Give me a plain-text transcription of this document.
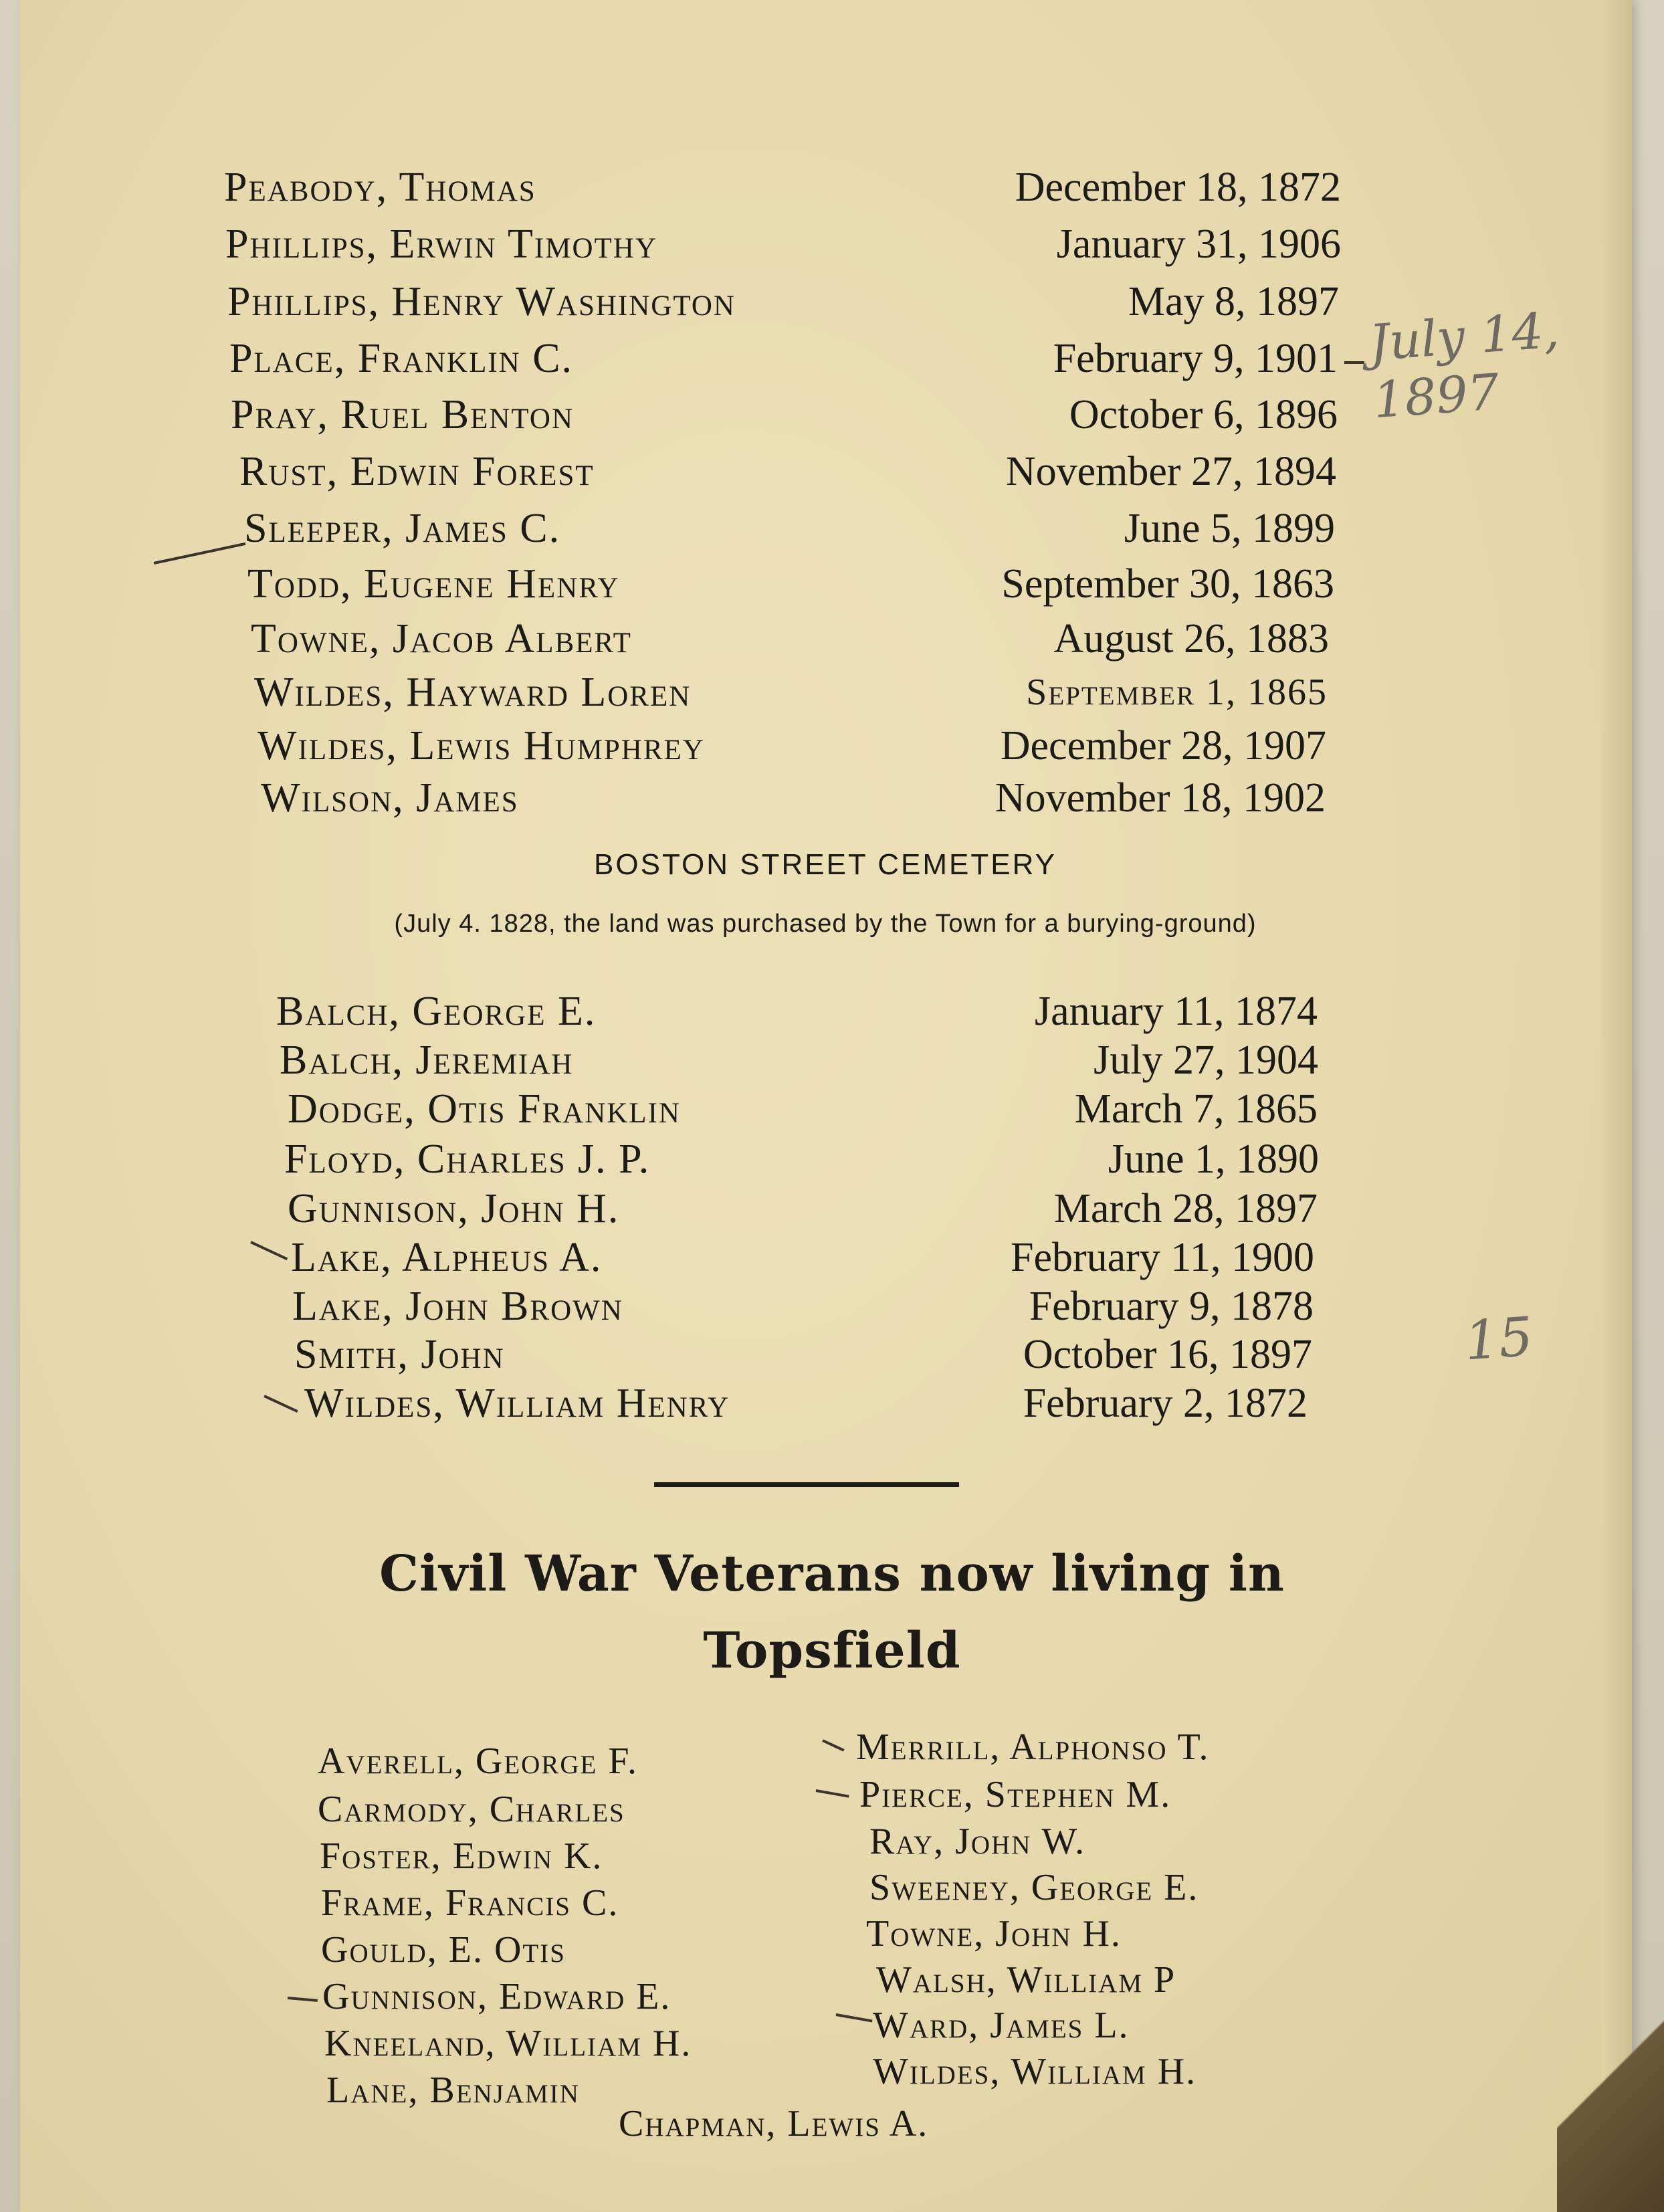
Peabody, Thomas	December 18, 1872
Phillips, Erwin Timothy	January 31, 1906
Phillips, Henry Washington	May 8, 1897
Place, Franklin C.	February 9, 1901
Pray, Ruel Benton	October 6, 1896
Rust, Edwin Forest	November 27, 1894
Sleeper, James C.	June 5, 1899
Todd, Eugene Henry	September 30, 1863
Towne, Jacob Albert	August 26, 1883
Wildes, Hayward Loren	September 1, 1865
Wildes, Lewis Humphrey	December 28, 1907
Wilson, James	November 18, 1902
July 14, 1897
15
BOSTON STREET CEMETERY
(July 4. 1828, the land was purchased by the Town for a burying-ground)
Balch, George E.	January 11, 1874
Balch, Jeremiah	July 27, 1904
Dodge, Otis Franklin	March 7, 1865
Floyd, Charles J. P.	June 1, 1890
Gunnison, John H.	March 28, 1897
Lake, Alpheus A.	February 11, 1900
Lake, John Brown	February 9, 1878
Smith, John	October 16, 1897
Wildes, William Henry	February 2, 1872
Civil War Veterans now living in
Topsfield
Averell, George F.
Carmody, Charles
Foster, Edwin K.
Frame, Francis C.
Gould, E. Otis
Gunnison, Edward E.
Kneeland, William H.
Lane, Benjamin
Merrill, Alphonso T.
Pierce, Stephen M.
Ray, John W.
Sweeney, George E.
Towne, John H.
Walsh, William P
Ward, James L.
Wildes, William H.
Chapman, Lewis A.
